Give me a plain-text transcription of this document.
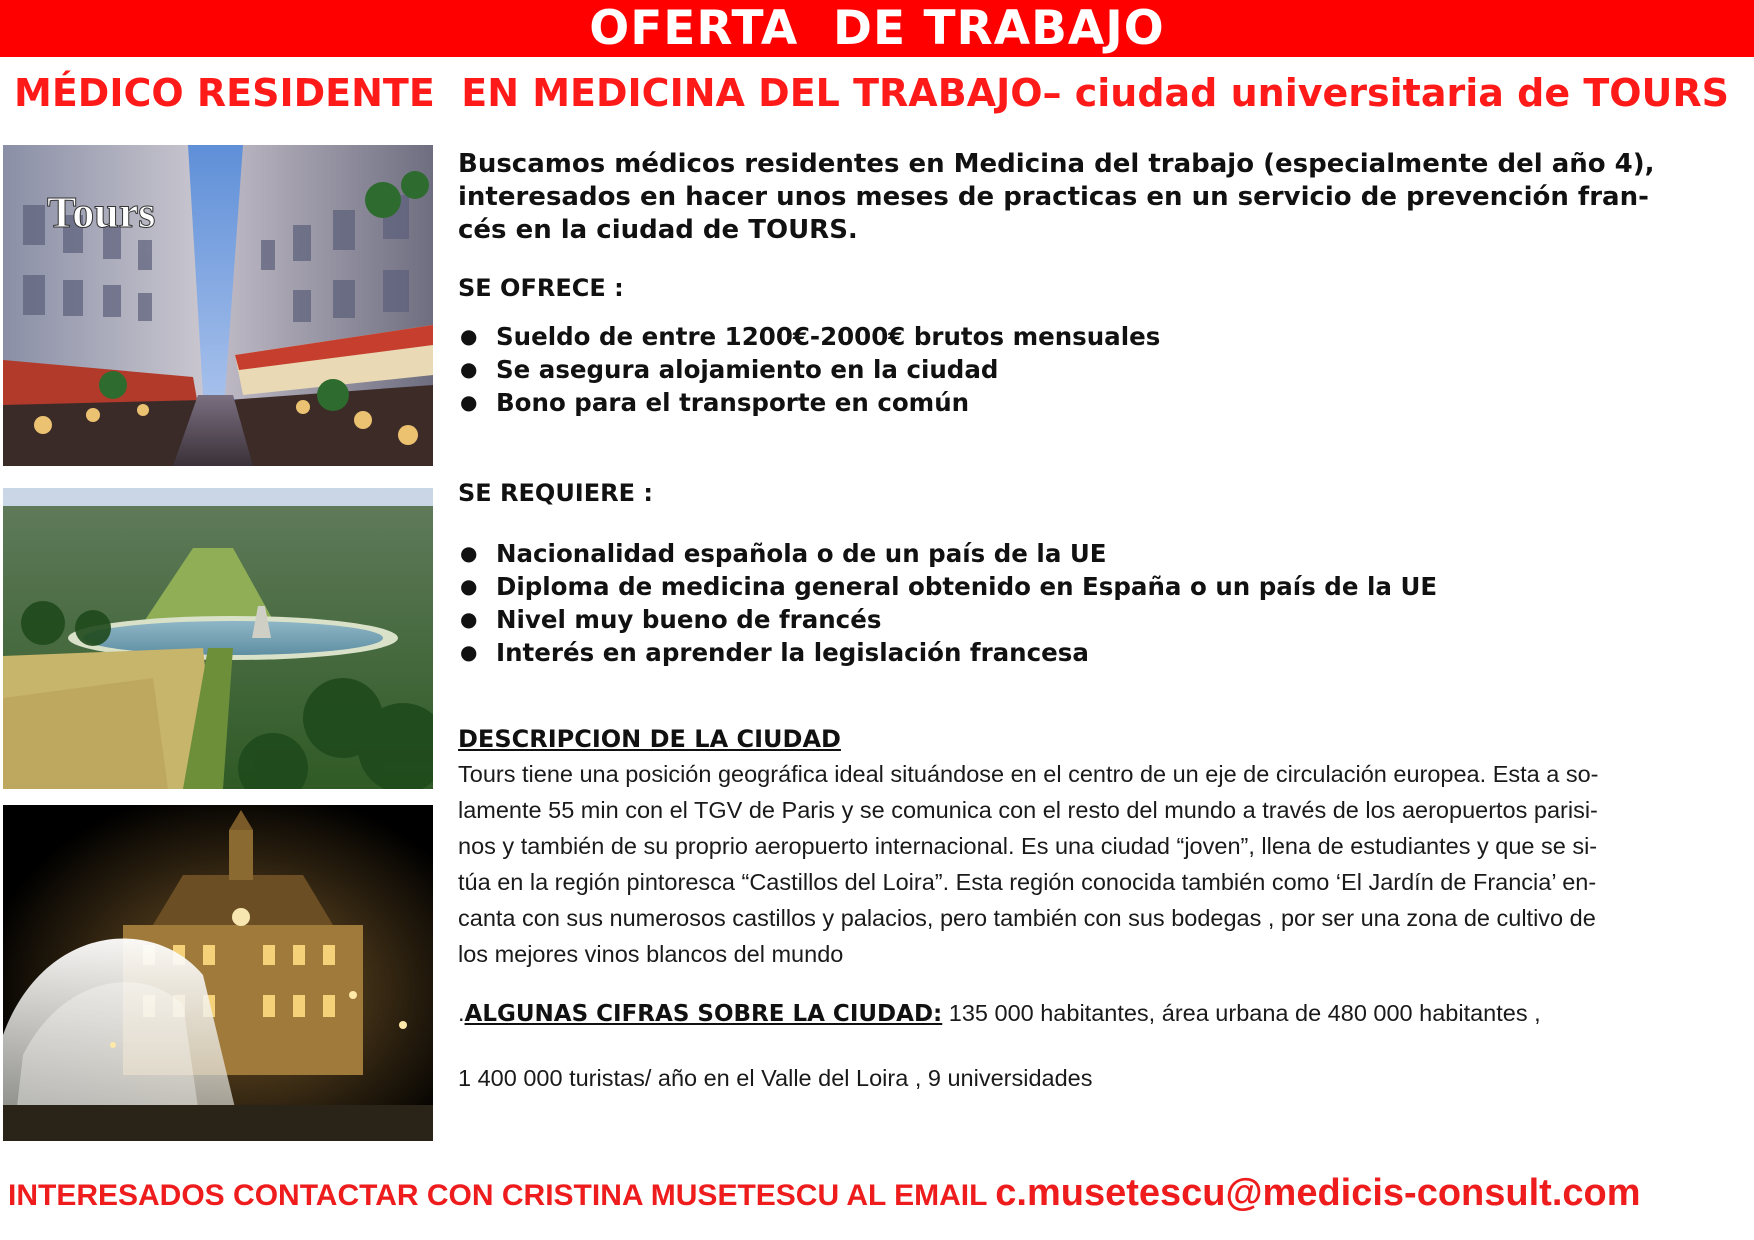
OFERTA  DE TRABAJO
MÉDICO RESIDENTE  EN MEDICINA DEL TRABAJO– ciudad universitaria de TOURS
Tours
Buscamos médicos residentes en Medicina del trabajo (especialmente del año 4),
interesados en hacer unos meses de practicas en un servicio de prevención fran-
cés en la ciudad de TOURS.
SE OFRECE :
● Sueldo de entre 1200€-2000€ brutos mensuales
● Se asegura alojamiento en la ciudad
● Bono para el transporte en común
SE REQUIERE :
● Nacionalidad española o de un país de la UE
● Diploma de medicina general obtenido en España o un país de la UE
● Nivel muy bueno de francés
● Interés en aprender la legislación francesa
DESCRIPCION DE LA CIUDAD
Tours tiene una posición geográfica ideal situándose en el centro de un eje de circulación europea. Esta a so-
lamente 55 min con el TGV de Paris y se comunica con el resto del mundo a través de los aeropuertos parisi-
nos y también de su proprio aeropuerto internacional. Es una ciudad “joven”, llena de estudiantes y que se si-
túa en la región pintoresca “Castillos del Loira”. Esta región conocida también como ‘El Jardín de Francia’ en-
canta con sus numerosos castillos y palacios, pero también con sus bodegas , por ser una zona de cultivo de
los mejores vinos blancos del mundo
.ALGUNAS CIFRAS SOBRE LA CIUDAD: 135 000 habitantes, área urbana de 480 000 habitantes ,
1 400 000 turistas/ año en el Valle del Loira , 9 universidades
INTERESADOS CONTACTAR CON CRISTINA MUSETESCU AL EMAIL c.musetescu@medicis-consult.com
